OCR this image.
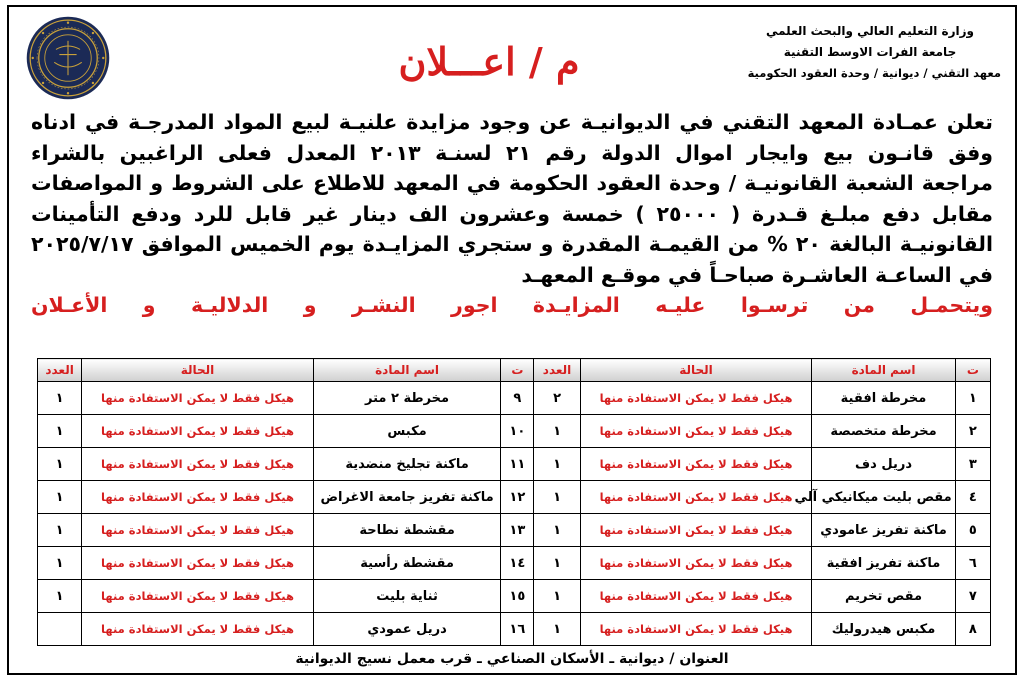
وزارة التعليم العالي والبحث العلمي
جامعة الفرات الاوسط التقنية
معهد التقني / ديوانية / وحدة العقود الحكومية
م / اعـــلان
تعلن عمـادة المعهد التقني في الديوانيـة عن وجود مزايدة علنيـة لبيع المواد المدرجـة في ادناه
وفق قانـون بيع وايجار اموال الدولة رقم ٢١ لسنـة ٢٠١٣ المعدل فعلى الراغبين بالشراء
مراجعة الشعبة القانونيـة / وحدة العقود الحكومة في المعهد للاطلاع على الشروط و المواصفات
مقابل دفع مبلـغ قـدرة ( ٢٥٠٠٠ ) خمسة وعشرون الف دينار غير قابل للرد ودفع التأمينات
القانونيـة البالغة ٢٠ % من القيمـة المقدرة و ستجري المزايـدة يوم الخميس الموافق ٢٠٢٥/٧/١٧
في الساعـة العاشـرة صباحـاً في موقـع المعهـد
ويتحمـل من ترسـوا عليـه المزايـدة اجور النشـر و الدلاليـة و الأعـلان
ت	اسم المادة	الحالة	العدد	ت	اسم المادة	الحالة	العدد
١	مخرطة افقية	هيكل فقط لا يمكن الاستفادة منها	٢	٩	مخرطة ٢ متر	هيكل فقط لا يمكن الاستفادة منها	١
٢	مخرطة متخصصة	هيكل فقط لا يمكن الاستفادة منها	١	١٠	مكبس	هيكل فقط لا يمكن الاستفادة منها	١
٣	دريل دف	هيكل فقط لا يمكن الاستفادة منها	١	١١	ماكنة تجليخ منضدية	هيكل فقط لا يمكن الاستفادة منها	١
٤	مقص بليت ميكانيكي آلي	هيكل فقط لا يمكن الاستفادة منها	١	١٢	ماكنة تفريز جامعة الاغراض	هيكل فقط لا يمكن الاستفادة منها	١
٥	ماكنة تفريز عامودي	هيكل فقط لا يمكن الاستفادة منها	١	١٣	مقشطة نطاحة	هيكل فقط لا يمكن الاستفادة منها	١
٦	ماكنة تفريز افقية	هيكل فقط لا يمكن الاستفادة منها	١	١٤	مقشطة رأسية	هيكل فقط لا يمكن الاستفادة منها	١
٧	مقص تخريم	هيكل فقط لا يمكن الاستفادة منها	١	١٥	ثناية بليت	هيكل فقط لا يمكن الاستفادة منها	١
٨	مكبس هيدروليك	هيكل فقط لا يمكن الاستفادة منها	١	١٦	دريل عمودي	هيكل فقط لا يمكن الاستفادة منها	
العنوان / ديوانية ـ الأسكان الصناعي ـ قرب معمل نسيج الديوانية
